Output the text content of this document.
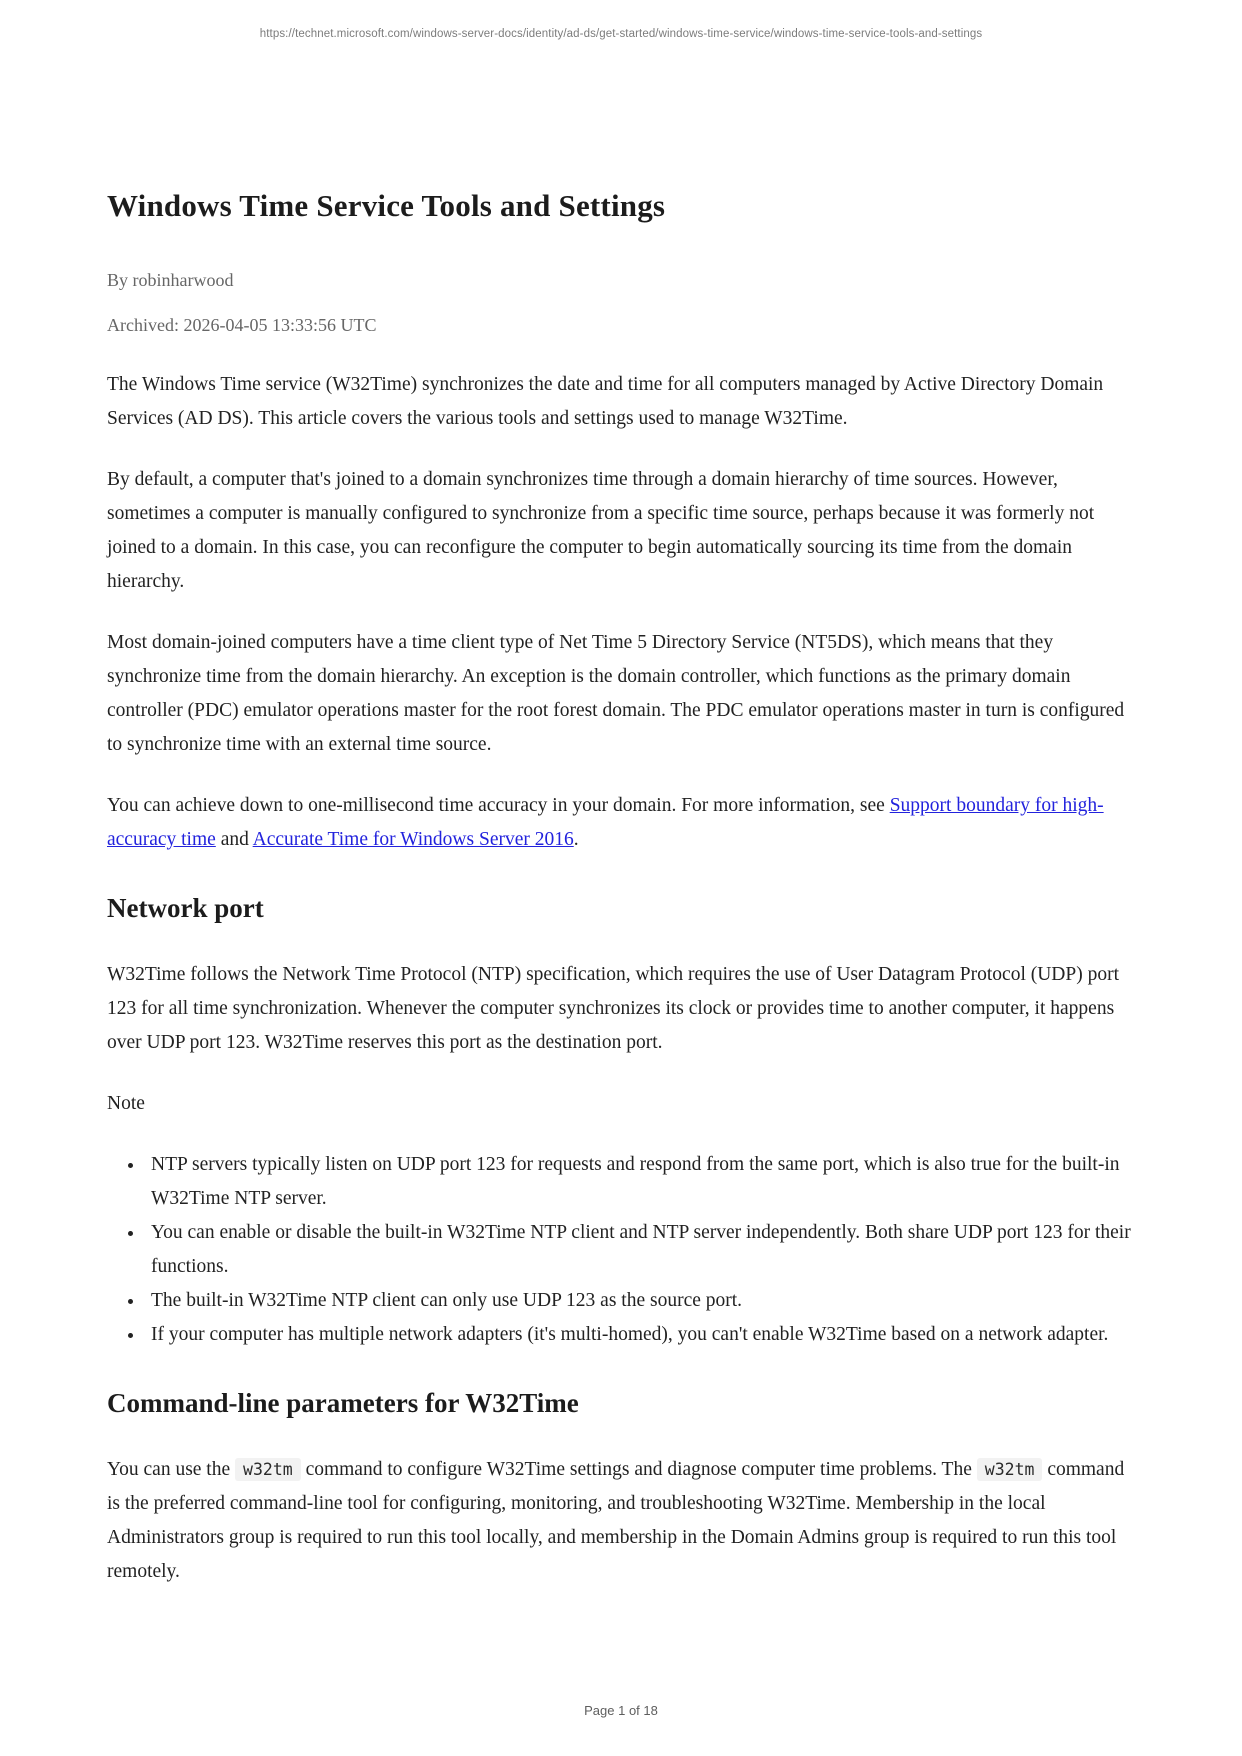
https://technet.microsoft.com/windows-server-docs/identity/ad-ds/get-started/windows-time-service/windows-time-service-tools-and-settings
Windows Time Service Tools and Settings
By robinharwood
Archived: 2026-04-05 13:33:56 UTC

The Windows Time service (W32Time) synchronizes the date and time for all computers managed by Active Directory Domain Services (AD DS). This article covers the various tools and settings used to manage W32Time.

By default, a computer that's joined to a domain synchronizes time through a domain hierarchy of time sources. However, sometimes a computer is manually configured to synchronize from a specific time source, perhaps because it was formerly not joined to a domain. In this case, you can reconfigure the computer to begin automatically sourcing its time from the domain hierarchy.

Most domain-joined computers have a time client type of Net Time 5 Directory Service (NT5DS), which means that they synchronize time from the domain hierarchy. An exception is the domain controller, which functions as the primary domain controller (PDC) emulator operations master for the root forest domain. The PDC emulator operations master in turn is configured to synchronize time with an external time source.

You can achieve down to one-millisecond time accuracy in your domain. For more information, see Support boundary for high-accuracy time and Accurate Time for Windows Server 2016.

Network port

W32Time follows the Network Time Protocol (NTP) specification, which requires the use of User Datagram Protocol (UDP) port 123 for all time synchronization. Whenever the computer synchronizes its clock or provides time to another computer, it happens over UDP port 123. W32Time reserves this port as the destination port.

Note

• NTP servers typically listen on UDP port 123 for requests and respond from the same port, which is also true for the built-in W32Time NTP server.
• You can enable or disable the built-in W32Time NTP client and NTP server independently. Both share UDP port 123 for their functions.
• The built-in W32Time NTP client can only use UDP 123 as the source port.
• If your computer has multiple network adapters (it's multi-homed), you can't enable W32Time based on a network adapter.
Command-line parameters for W32Time

You can use the w32tm command to configure W32Time settings and diagnose computer time problems. The w32tm command is the preferred command-line tool for configuring, monitoring, and troubleshooting W32Time. Membership in the local Administrators group is required to run this tool locally, and membership in the Domain Admins group is required to run this tool remotely.

Page 1 of 18
